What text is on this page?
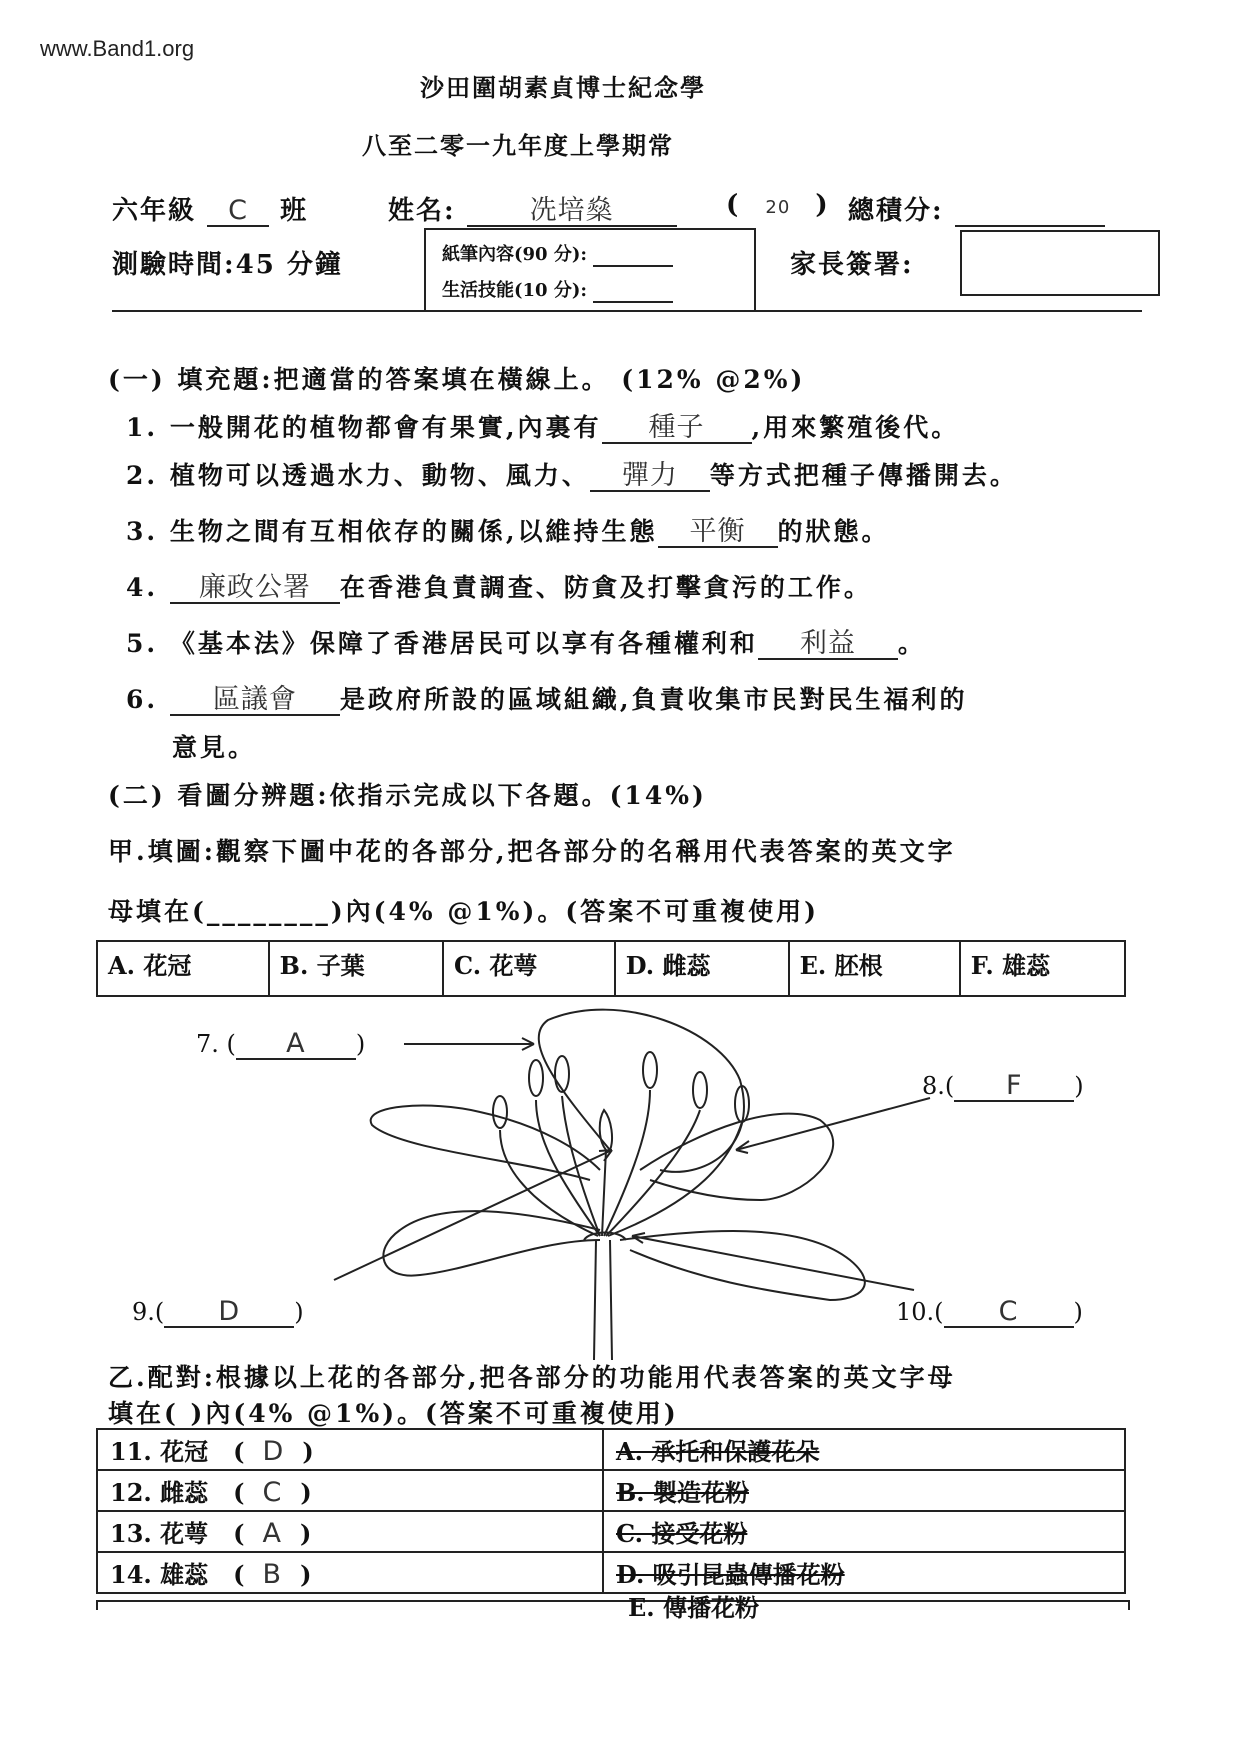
www.Band1.org
沙田圍胡素貞博士紀念學
八至二零一九年度上學期常
六年級 C 班	姓名:	冼培燊	( 20 ) 總積分:
測驗時間:45 分鐘	紙筆內容(90 分):
生活技能(10 分):
家長簽署:
(一) 填充題:把適當的答案填在橫線上。 (12% @2%)
1. 一般開花的植物都會有果實,內裏有 種子 ,用來繁殖後代。
2. 植物可以透過水力、動物、風力、 彈力 等方式把種子傳播開去。
3. 生物之間有互相依存的關係,以維持生態 平衡 的狀態。
4. 廉政公署 在香港負責調查、防貪及打擊貪污的工作。
5. 《基本法》保障了香港居民可以享有各種權利和 利益 。
6. 區議會 是政府所設的區域組織,負責收集市民對民生福利的
意見。
(二) 看圖分辨題:依指示完成以下各題。(14%)
甲.填圖:觀察下圖中花的各部分,把各部分的名稱用代表答案的英文字
母填在(________)內(4% @1%)。(答案不可重複使用)
A. 花冠	B. 子葉	C. 花萼	D. 雌蕊	E. 胚根	F. 雄蕊
7. ( A )
8.( F )
9.( D )	10.( C )
乙.配對:根據以上花的各部分,把各部分的功能用代表答案的英文字母
填在( )內(4% @1%)。(答案不可重複使用)
11. 花冠   ( D )	A. 承托和保護花朵
12. 雌蕊   ( C )	B. 製造花粉
13. 花萼   ( A )	C. 接受花粉
14. 雄蕊   ( B )	D. 吸引昆蟲傳播花粉
E. 傳播花粉
